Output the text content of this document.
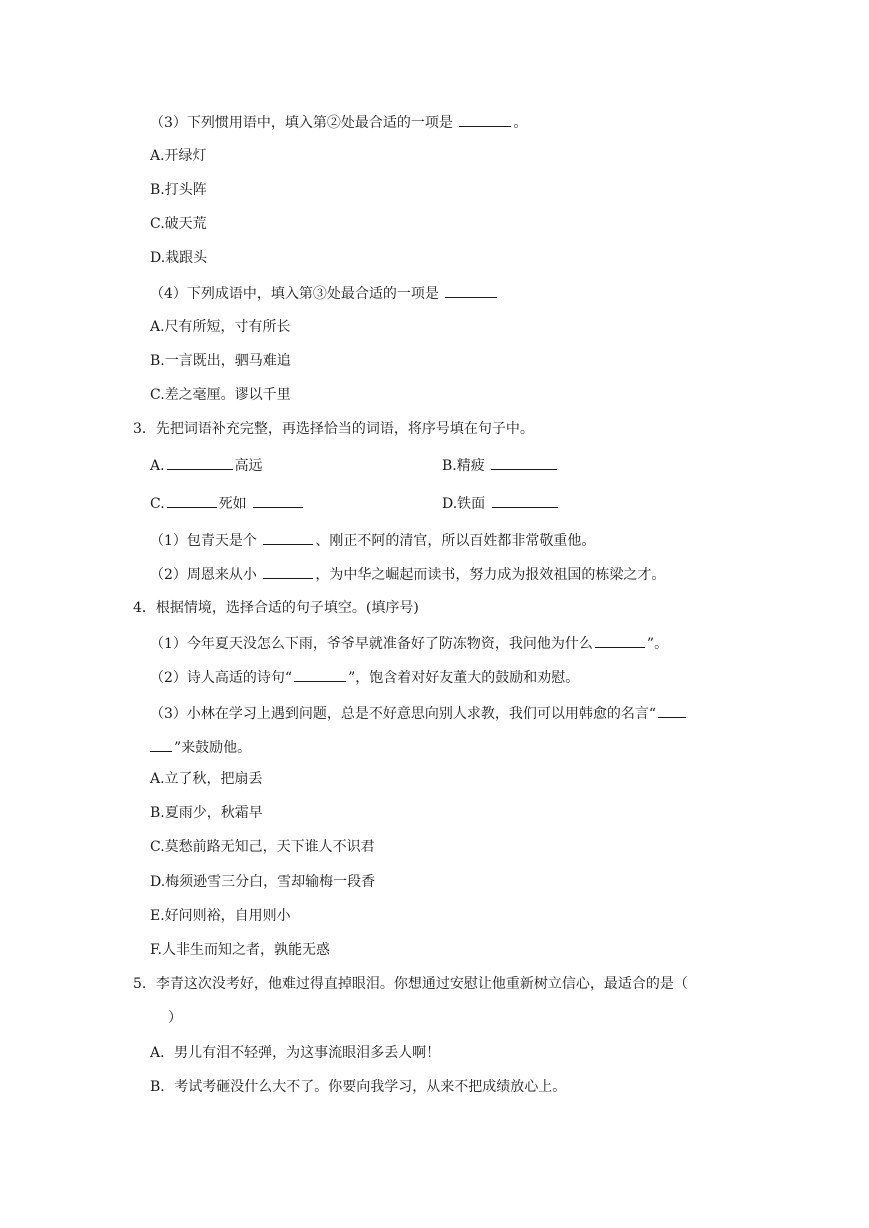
（3）下列惯用语中，填入第②处最合适的一项是	。
A.开绿灯
B.打头阵
C.破天荒
D.栽跟头
（4）下列成语中，填入第③处最合适的一项是
A.尺有所短，寸有所长
B.一言既出，驷马难追
C.差之毫厘。谬以千里
3．先把词语补充完整，再选择恰当的词语，将序号填在句子中。
A.	高远	B.精疲
C.	死如	D.铁面
（1）包青天是个	、刚正不阿的清官，所以百姓都非常敬重他。
（2）周恩来从小	，为中华之崛起而读书，努力成为报效祖国的栋梁之才。
4．根据情境，选择合适的句子填空。(填序号)
（1）今年夏天没怎么下雨，爷爷早就准备好了防冻物资，我问他为什么	”。
（2）诗人高适的诗句“	”，饱含着对好友董大的鼓励和劝慰。
（3）小林在学习上遇到问题，总是不好意思向别人求教，我们可以用韩愈的名言“
”来鼓励他。
A.立了秋，把扇丢
B.夏雨少，秋霜早
C.莫愁前路无知己，天下谁人不识君
D.梅须逊雪三分白，雪却输梅一段香
E.好问则裕，自用则小
F.人非生而知之者，孰能无惑
5．李青这次没考好，他难过得直掉眼泪。你想通过安慰让他重新树立信心，最适合的是（
）
A．男儿有泪不轻弹，为这事流眼泪多丢人啊！
B．考试考砸没什么大不了。你要向我学习，从来不把成绩放心上。
